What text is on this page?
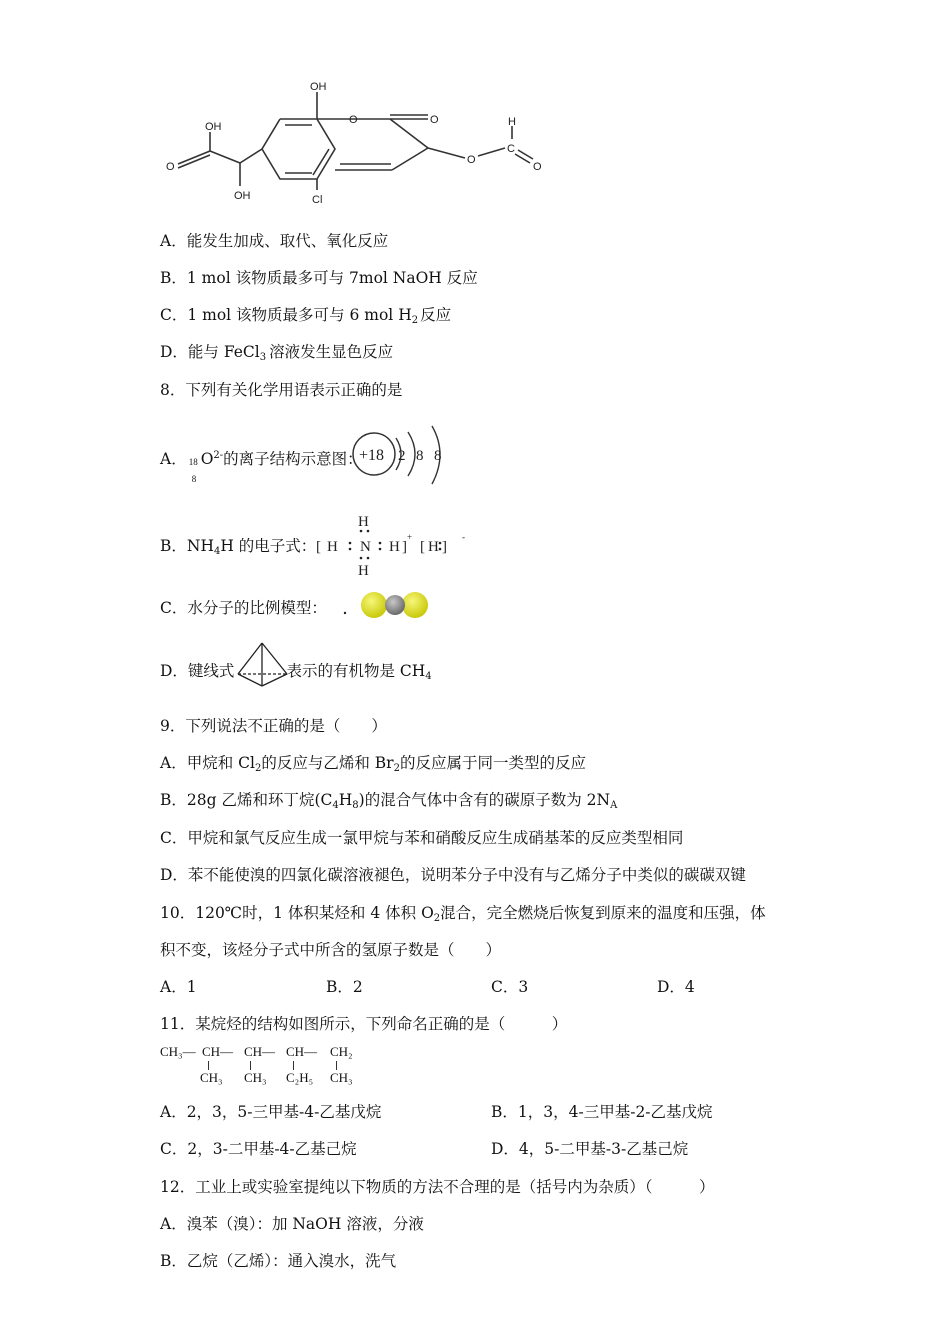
OH
OH
OH	Cl
O	O
O
H
C
O
O
A．能发生加成、取代、氧化反应
B．1 mol 该物质最多可与 7mol NaOH 反应
C．1 mol 该物质最多可与 6 mol $H_2$ 反应
D．能与 FeCl$_3$ 溶液发生显色反应
8．下列有关化学用语表示正确的是
A． 18
8
$O^{2-}$的离子结构示意图：
+18 2 8 8
B．$NH_4H$ 的电子式： [ H N H ]
+
H
H
[ H ]
-
C．水分子的比例模型：
D．键线式	表示的有机物是 $CH_4$
9．下列说法不正确的是（　　）
A．甲烷和 $Cl_2$的反应与乙烯和 $Br_2$的反应属于同一类型的反应
B．28g 乙烯和环丁烷$(C_4H_8)$的混合气体中含有的碳原子数为 $2N_A$
C．甲烷和氯气反应生成一氯甲烷与苯和硝酸反应生成硝基苯的反应类型相同
D．苯不能使溴的四氯化碳溶液褪色，说明苯分子中没有与乙烯分子中类似的碳碳双键
10．120℃时，1 体积某烃和 4 体积 $O_2$混合，完全燃烧后恢复到原来的温度和压强，体
积不变，该烃分子式中所含的氢原子数是（　　）
A．1	B．2	C．3	D．4
11．某烷烃的结构如图所示，下列命名正确的是（　　　）
CH₃— CH— CH— CH— CH₂
CH₃ CH₃ C₂H₅ CH₃
A．2，3，5-三甲基-4-乙基戊烷	B．1，3，4-三甲基-2-乙基戊烷
C．2，3-二甲基-4-乙基己烷	D．4，5-二甲基-3-乙基己烷
12．工业上或实验室提纯以下物质的方法不合理的是（括号内为杂质）（　　　）
A．溴苯（溴）：加 NaOH 溶液，分液
B．乙烷（乙烯）：通入溴水，洗气
